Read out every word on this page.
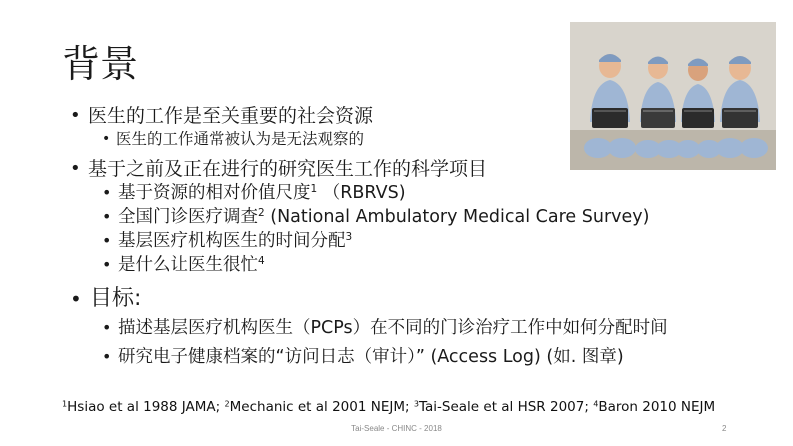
背景
• 医生的工作是至关重要的社会资源
• 医生的工作通常被认为是无法观察的
• 基于之前及正在进行的研究医生工作的科学项目
• 基于资源的相对价值尺度$^1$ （RBRVS)
• 全国门诊医疗调查$^2$ (National Ambulatory Medical Care Survey)
• 基层医疗机构医生的时间分配$^3$
• 是什么让医生很忙$^4$
• 目标:
• 描述基层医疗机构医生（PCPs）在不同的门诊治疗工作中如何分配时间
• 研究电子健康档案的“访问日志（审计）” (Access Log) (如. 图章)
$^1$Hsiao et al 1988 JAMA; $^2$Mechanic et al 2001 NEJM; $^3$Tai-Seale et al HSR 2007; $^4$Baron 2010 NEJM
Tai-Seale - CHINC - 2018	2
